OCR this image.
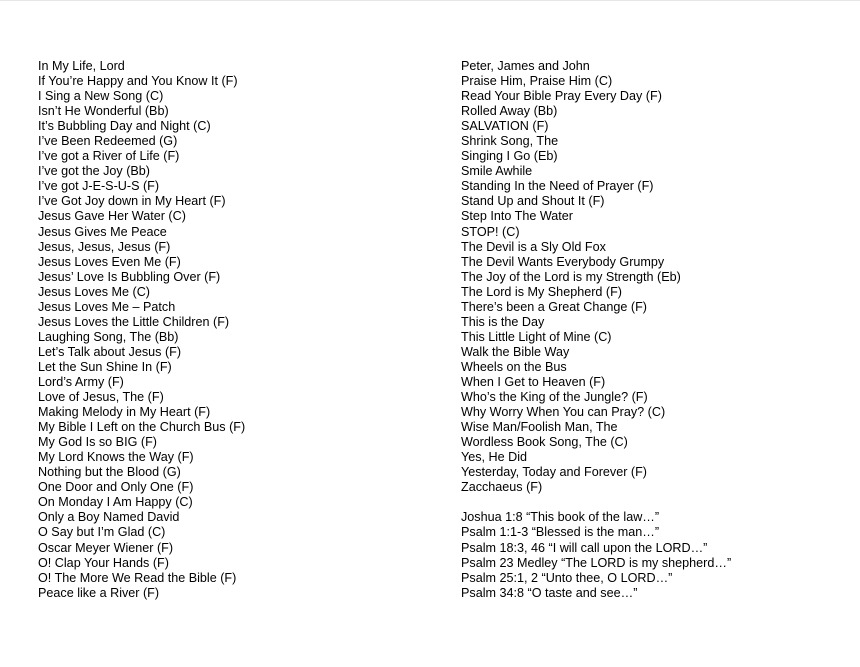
In My Life, Lord
If You’re Happy and You Know It (F)
I Sing a New Song (C)
Isn’t He Wonderful (Bb)
It’s Bubbling Day and Night (C)
I’ve Been Redeemed (G)
I’ve got a River of Life (F)
I’ve got the Joy (Bb)
I’ve got J-E-S-U-S (F)
I’ve Got Joy down in My Heart (F)
Jesus Gave Her Water (C)
Jesus Gives Me Peace
Jesus, Jesus, Jesus (F)
Jesus Loves Even Me (F)
Jesus’ Love Is Bubbling Over (F)
Jesus Loves Me (C)
Jesus Loves Me – Patch
Jesus Loves the Little Children (F)
Laughing Song, The (Bb)
Let’s Talk about Jesus (F)
Let the Sun Shine In (F)
Lord’s Army (F)
Love of Jesus, The (F)
Making Melody in My Heart (F)
My Bible I Left on the Church Bus (F)
My God Is so BIG (F)
My Lord Knows the Way (F)
Nothing but the Blood (G)
One Door and Only One (F)
On Monday I Am Happy (C)
Only a Boy Named David
O Say but I’m Glad (C)
Oscar Meyer Wiener (F)
O! Clap Your Hands (F)
O! The More We Read the Bible (F)
Peace like a River (F)
Peter, James and John
Praise Him, Praise Him (C)
Read Your Bible Pray Every Day (F)
Rolled Away (Bb)
SALVATION (F)
Shrink Song, The
Singing I Go (Eb)
Smile Awhile
Standing In the Need of Prayer (F)
Stand Up and Shout It (F)
Step Into The Water
STOP! (C)
The Devil is a Sly Old Fox
The Devil Wants Everybody Grumpy
The Joy of the Lord is my Strength (Eb)
The Lord is My Shepherd (F)
There’s been a Great Change (F)
This is the Day
This Little Light of Mine (C)
Walk the Bible Way
Wheels on the Bus
When I Get to Heaven (F)
Who’s the King of the Jungle? (F)
Why Worry When You can Pray? (C)
Wise Man/Foolish Man, The
Wordless Book Song, The (C)
Yes, He Did
Yesterday, Today and Forever (F)
Zacchaeus (F)
Joshua 1:8 “This book of the law…”
Psalm 1:1-3 “Blessed is the man…”
Psalm 18:3, 46 “I will call upon the LORD…”
Psalm 23 Medley “The LORD is my shepherd…”
Psalm 25:1, 2 “Unto thee, O LORD…”
Psalm 34:8 “O taste and see…”
